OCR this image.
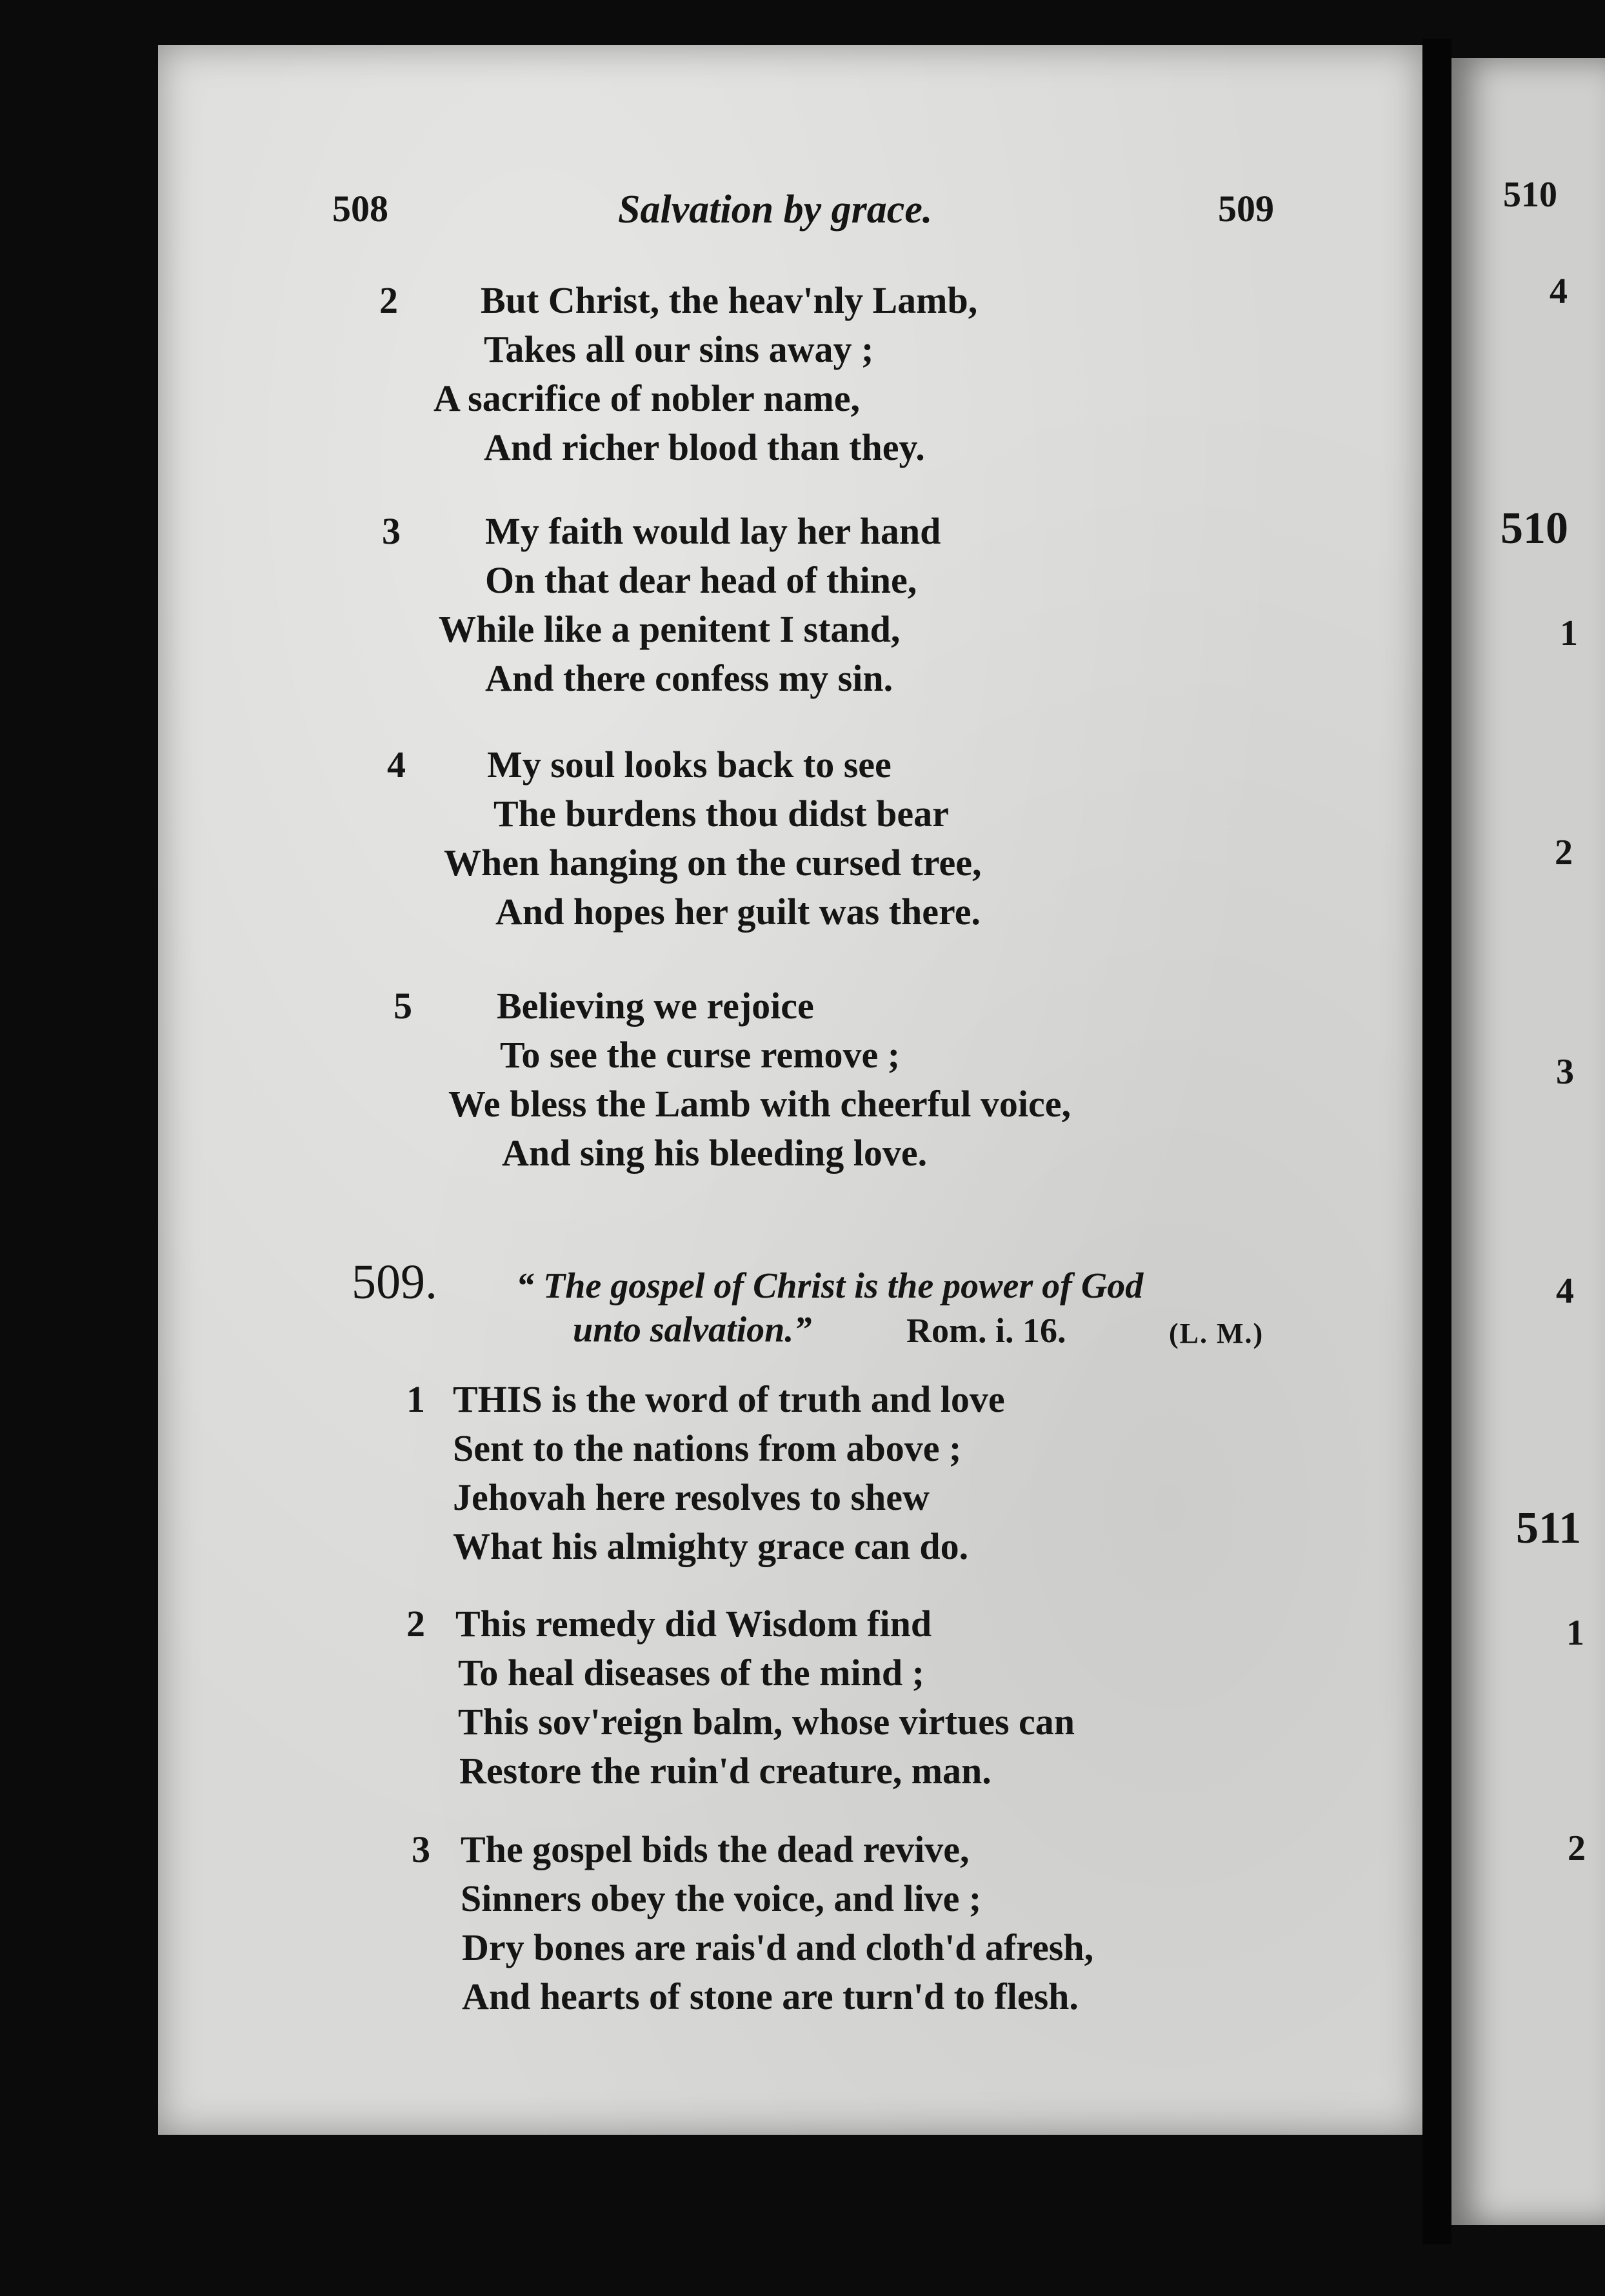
508	Salvation by grace.	509
2 But Christ, the heav'nly Lamb,
Takes all our sins away ;
A sacrifice of nobler name,
And richer blood than they.
3 My faith would lay her hand
On that dear head of thine,
While like a penitent I stand,
And there confess my sin.
4 My soul looks back to see
The burdens thou didst bear
When hanging on the cursed tree,
And hopes her guilt was there.
5 Believing we rejoice
To see the curse remove ;
We bless the Lamb with cheerful voice,
And sing his bleeding love.
509. “ The gospel of Christ is the power of God
unto salvation.”	Rom. i. 16.	(L. M.)
1 THIS is the word of truth and love
Sent to the nations from above ;
Jehovah here resolves to shew
What his almighty grace can do.
2 This remedy did Wisdom find
To heal diseases of the mind ;
This sov'reign balm, whose virtues can
Restore the ruin'd creature, man.
3 The gospel bids the dead revive,
Sinners obey the voice, and live ;
Dry bones are rais'd and cloth'd afresh,
And hearts of stone are turn'd to flesh.
510
4
510
1
2
3
4
511
1
2
